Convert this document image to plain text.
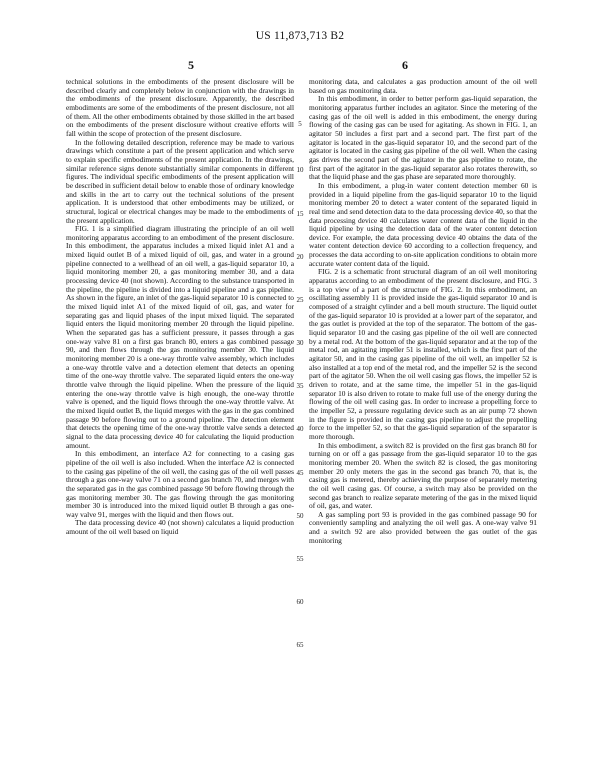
US 11,873,713 B2
5	6

technical solutions in the embodiments of the present disclosure will be described clearly and completely below in conjunction with the drawings in the embodiments of the present disclosure. Apparently, the described embodiments are some of the embodiments of the present disclosure, not all of them. All the other embodiments obtained by those skilled in the art based on the embodiments of the present disclosure without creative efforts will fall within the scope of protection of the present disclosure.

In the following detailed description, reference may be made to various drawings which constitute a part of the present application and which serve to explain specific embodiments of the present application. In the drawings, similar reference signs denote substantially similar components in different figures. The individual specific embodiments of the present application will be described in sufficient detail below to enable those of ordinary knowledge and skills in the art to carry out the technical solutions of the present application. It is understood that other embodiments may be utilized, or structural, logical or electrical changes may be made to the embodiments of the present application.

FIG. 1 is a simplified diagram illustrating the principle of an oil well monitoring apparatus according to an embodiment of the present disclosure. In this embodiment, the apparatus includes a mixed liquid inlet A1 and a mixed liquid outlet B of a mixed liquid of oil, gas, and water in a ground pipeline connected to a wellhead of an oil well, a gas-liquid separator 10, a liquid monitoring member 20, a gas monitoring member 30, and a data processing device 40 (not shown). According to the substance transported in the pipeline, the pipeline is divided into a liquid pipeline and a gas pipeline. As shown in the figure, an inlet of the gas-liquid separator 10 is connected to the mixed liquid inlet A1 of the mixed liquid of oil, gas, and water for separating gas and liquid phases of the input mixed liquid. The separated liquid enters the liquid monitoring member 20 through the liquid pipeline. When the separated gas has a sufficient pressure, it passes through a gas one-way valve 81 on a first gas branch 80, enters a gas combined passage 90, and then flows through the gas monitoring member 30. The liquid monitoring member 20 is a one-way throttle valve assembly, which includes a one-way throttle valve and a detection element that detects an opening time of the one-way throttle valve. The separated liquid enters the one-way throttle valve through the liquid pipeline. When the pressure of the liquid entering the one-way throttle valve is high enough, the one-way throttle valve is opened, and the liquid flows through the one-way throttle valve. At the mixed liquid outlet B, the liquid merges with the gas in the gas combined passage 90 before flowing out to a ground pipeline. The detection element that detects the opening time of the one-way throttle valve sends a detected signal to the data processing device 40 for calculating the liquid production amount.

In this embodiment, an interface A2 for connecting to a casing gas pipeline of the oil well is also included. When the interface A2 is connected to the casing gas pipeline of the oil well, the casing gas of the oil well passes through a gas one-way valve 71 on a second gas branch 70, and merges with the separated gas in the gas combined passage 90 before flowing through the gas monitoring member 30. The gas flowing through the gas monitoring member 30 is introduced into the mixed liquid outlet B through a gas one-way valve 91, merges with the liquid and then flows out.

The data processing device 40 (not shown) calculates a liquid production amount of the oil well based on liquid

monitoring data, and calculates a gas production amount of the oil well based on gas monitoring data.

In this embodiment, in order to better perform gas-liquid separation, the monitoring apparatus further includes an agitator. Since the metering of the casing gas of the oil well is added in this embodiment, the energy during flowing of the casing gas can be used for agitating. As shown in FIG. 1, an agitator 50 includes a first part and a second part. The first part of the agitator is located in the gas-liquid separator 10, and the second part of the agitator is located in the casing gas pipeline of the oil well. When the casing gas drives the second part of the agitator in the gas pipeline to rotate, the first part of the agitator in the gas-liquid separator also rotates therewith, so that the liquid phase and the gas phase are separated more thoroughly.

In this embodiment, a plug-in water content detection member 60 is provided in a liquid pipeline from the gas-liquid separator 10 to the liquid monitoring member 20 to detect a water content of the separated liquid in real time and send detection data to the data processing device 40, so that the data processing device 40 calculates water content data of the liquid in the liquid pipeline by using the detection data of the water content detection device. For example, the data processing device 40 obtains the data of the water content detection device 60 according to a collection frequency, and processes the data according to on-site application conditions to obtain more accurate water content data of the liquid.

FIG. 2 is a schematic front structural diagram of an oil well monitoring apparatus according to an embodiment of the present disclosure, and FIG. 3 is a top view of a part of the structure of FIG. 2. In this embodiment, an oscillating assembly 11 is provided inside the gas-liquid separator 10 and is composed of a straight cylinder and a bell mouth structure. The liquid outlet of the gas-liquid separator 10 is provided at a lower part of the separator, and the gas outlet is provided at the top of the separator. The bottom of the gas-liquid separator 10 and the casing gas pipeline of the oil well are connected by a metal rod. At the bottom of the gas-liquid separator and at the top of the metal rod, an agitating impeller 51 is installed, which is the first part of the agitator 50, and in the casing gas pipeline of the oil well, an impeller 52 is also installed at a top end of the metal rod, and the impeller 52 is the second part of the agitator 50. When the oil well casing gas flows, the impeller 52 is driven to rotate, and at the same time, the impeller 51 in the gas-liquid separator 10 is also driven to rotate to make full use of the energy during the flowing of the oil well casing gas. In order to increase a propelling force to the impeller 52, a pressure regulating device such as an air pump 72 shown in the figure is provided in the casing gas pipeline to adjust the propelling force to the impeller 52, so that the gas-liquid separation of the separator is more thorough.

In this embodiment, a switch 82 is provided on the first gas branch 80 for turning on or off a gas passage from the gas-liquid separator 10 to the gas monitoring member 20. When the switch 82 is closed, the gas monitoring member 20 only meters the gas in the second gas branch 70, that is, the casing gas is metered, thereby achieving the purpose of separately metering the oil well casing gas. Of course, a switch may also be provided on the second gas branch to realize separate metering of the gas in the mixed liquid of oil, gas, and water.

A gas sampling port 93 is provided in the gas combined passage 90 for conveniently sampling and analyzing the oil well gas. A one-way valve 91 and a switch 92 are also provided between the gas outlet of the gas monitoring

5
10
15
20
25
30
35
40
45
50
55
60
65
